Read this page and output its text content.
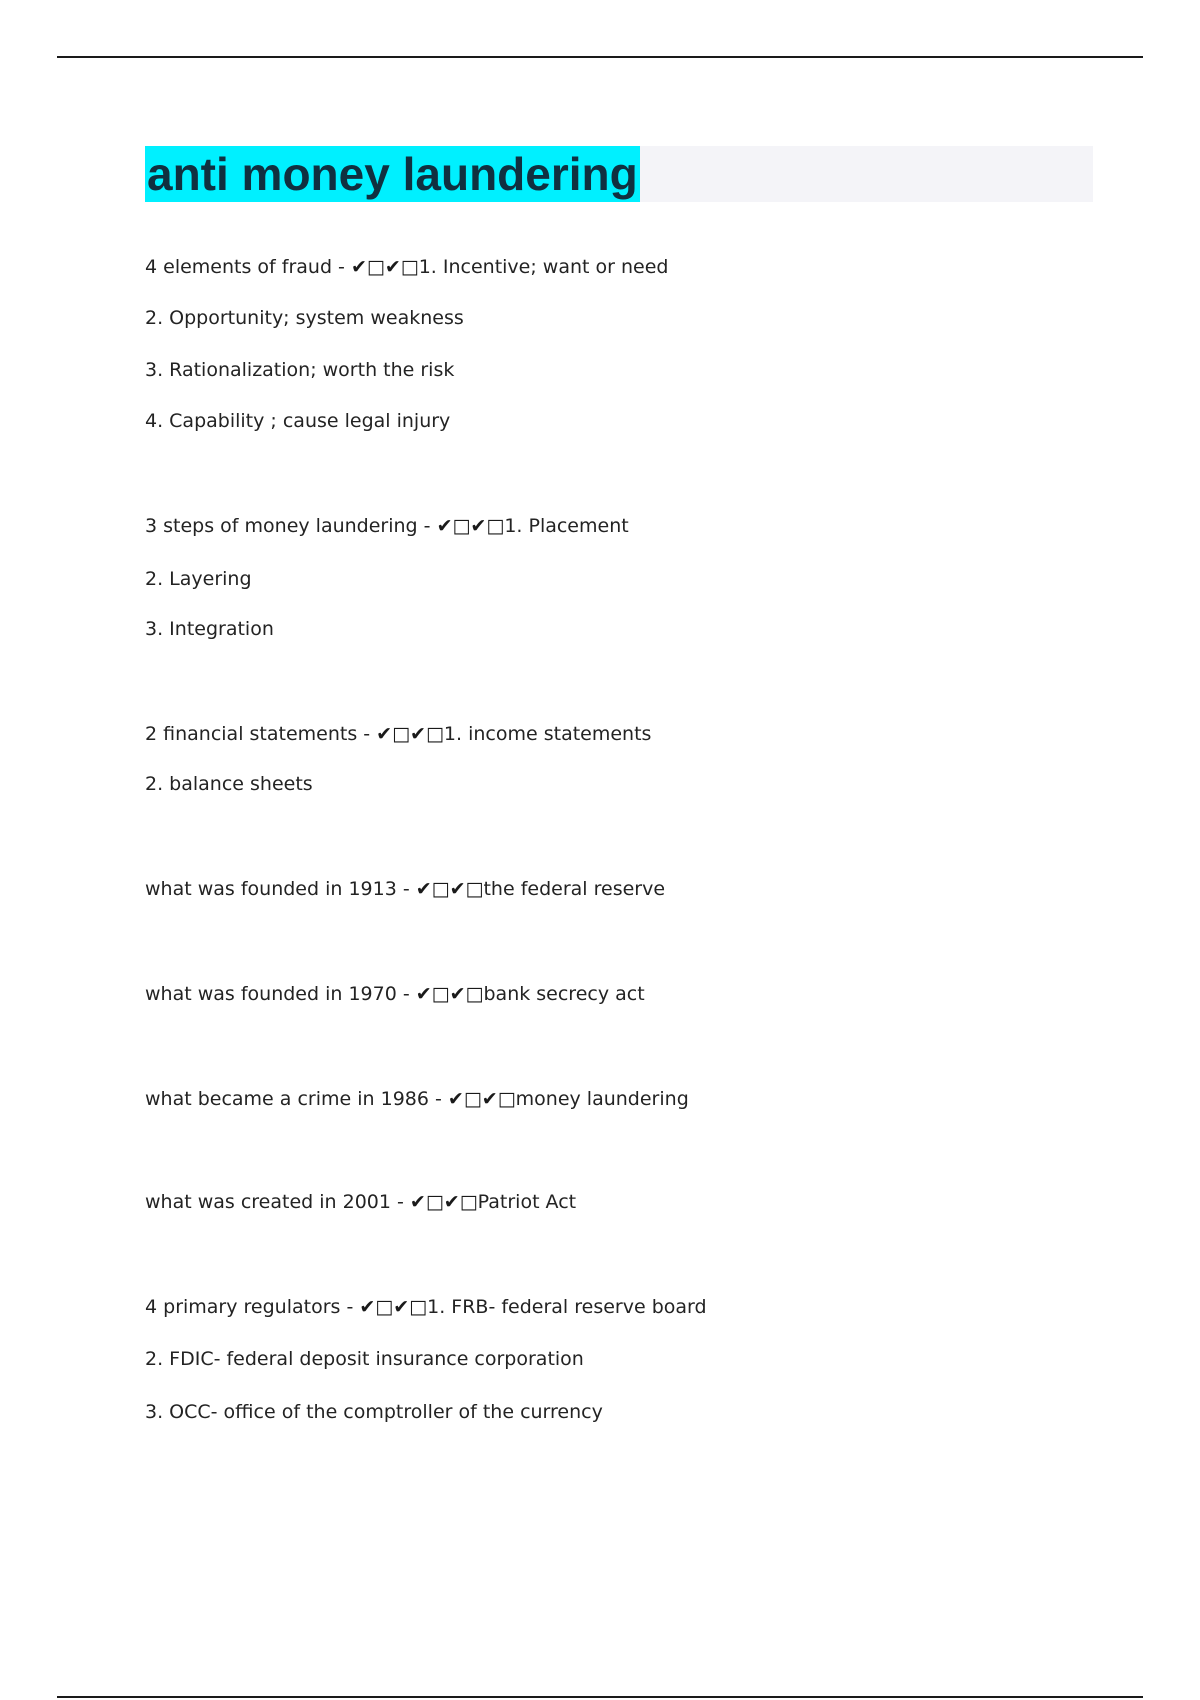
anti money laundering
4 elements of fraud - ✔□✔□1. Incentive; want or need
2. Opportunity; system weakness
3. Rationalization; worth the risk
4. Capability ; cause legal injury
3 steps of money laundering - ✔□✔□1. Placement
2. Layering
3. Integration
2 financial statements - ✔□✔□1. income statements
2. balance sheets
what was founded in 1913 - ✔□✔□the federal reserve
what was founded in 1970 - ✔□✔□bank secrecy act
what became a crime in 1986 - ✔□✔□money laundering
what was created in 2001 - ✔□✔□Patriot Act
4 primary regulators - ✔□✔□1. FRB- federal reserve board
2. FDIC- federal deposit insurance corporation
3. OCC- office of the comptroller of the currency
